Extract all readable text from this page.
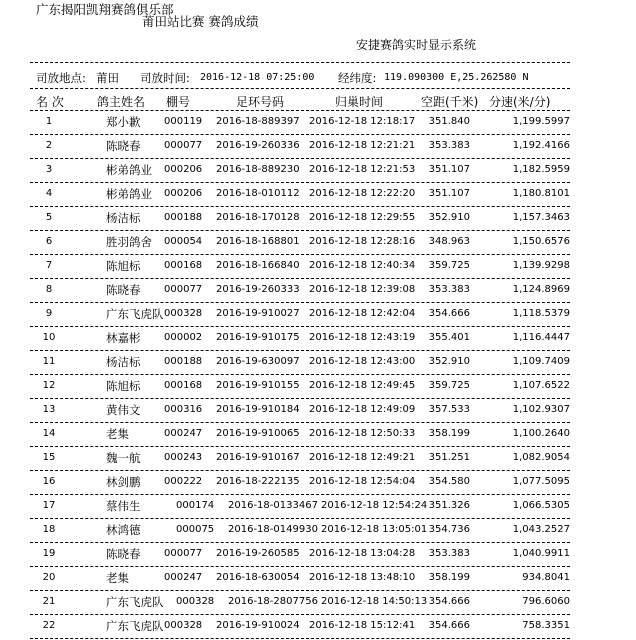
广东揭阳凯翔赛鸽俱乐部
莆田站比赛 赛鸽成绩
安捷赛鸽实时显示系统
司放地点: 莆田 司放时间: 2016-12-18 07:25:00 经纬度: 119.090300 E,25.262580 N
名 次	鸽主姓名 棚号	足环号码	归巢时间	空距(千米) 分速(米/分)
1	郑小歉 000119 2016-18-889397 2016-12-18 12:18:17	351.840	1,199.5997
2	陈晓春 000077 2016-19-260336 2016-12-18 12:21:21	353.383	1,192.4166
3	彬弟鸽业 000206 2016-18-889230 2016-12-18 12:21:53	351.107	1,182.5959
4	彬弟鸽业 000206 2016-18-010112 2016-12-18 12:22:20	351.107	1,180.8101
5	杨洁标 000188 2016-18-170128 2016-12-18 12:29:55	352.910	1,157.3463
6	胜羽鸽舍 000054 2016-18-168801 2016-12-18 12:28:16	348.963	1,150.6576
7	陈旭标 000168 2016-18-166840 2016-12-18 12:40:34	359.725	1,139.9298
8	陈晓春 000077 2016-19-260333 2016-12-18 12:39:08	353.383	1,124.8969
9	广东飞虎队 000328 2016-19-910027 2016-12-18 12:42:04	354.666	1,118.5379
10	林嘉彬 000002 2016-19-910175 2016-12-18 12:43:19	355.401	1,116.4447
11	杨洁标 000188 2016-19-630097 2016-12-18 12:43:00	352.910	1,109.7409
12	陈旭标 000168 2016-19-910155 2016-12-18 12:49:45	359.725	1,107.6522
13	黄伟文 000316 2016-19-910184 2016-12-18 12:49:09	357.533	1,102.9307
14	老集	000247 2016-19-910065 2016-12-18 12:50:33	358.199	1,100.2640
15	魏一航 000243 2016-19-910167 2016-12-18 12:49:21	351.251	1,082.9054
16	林剑鹏 000222 2016-18-222135 2016-12-18 12:54:04	354.580	1,077.5095
17	蔡伟生	000174 2016-18-0133467 2016-12-18 12:54:24 351.326	1,066.5305
18	林鸿德	000075 2016-18-0149930 2016-12-18 13:05:01 354.736	1,043.2527
19	陈晓春 000077 2016-19-260585 2016-12-18 13:04:28	353.383	1,040.9911
20	老集	000247 2016-18-630054 2016-12-18 13:48:10	358.199	934.8041
21	广东飞虎队 000328 2016-18-2807756 2016-12-18 14:50:13 354.666	796.6060
22	广东飞虎队 000328 2016-19-910024 2016-12-18 15:12:41	354.666	758.3351
